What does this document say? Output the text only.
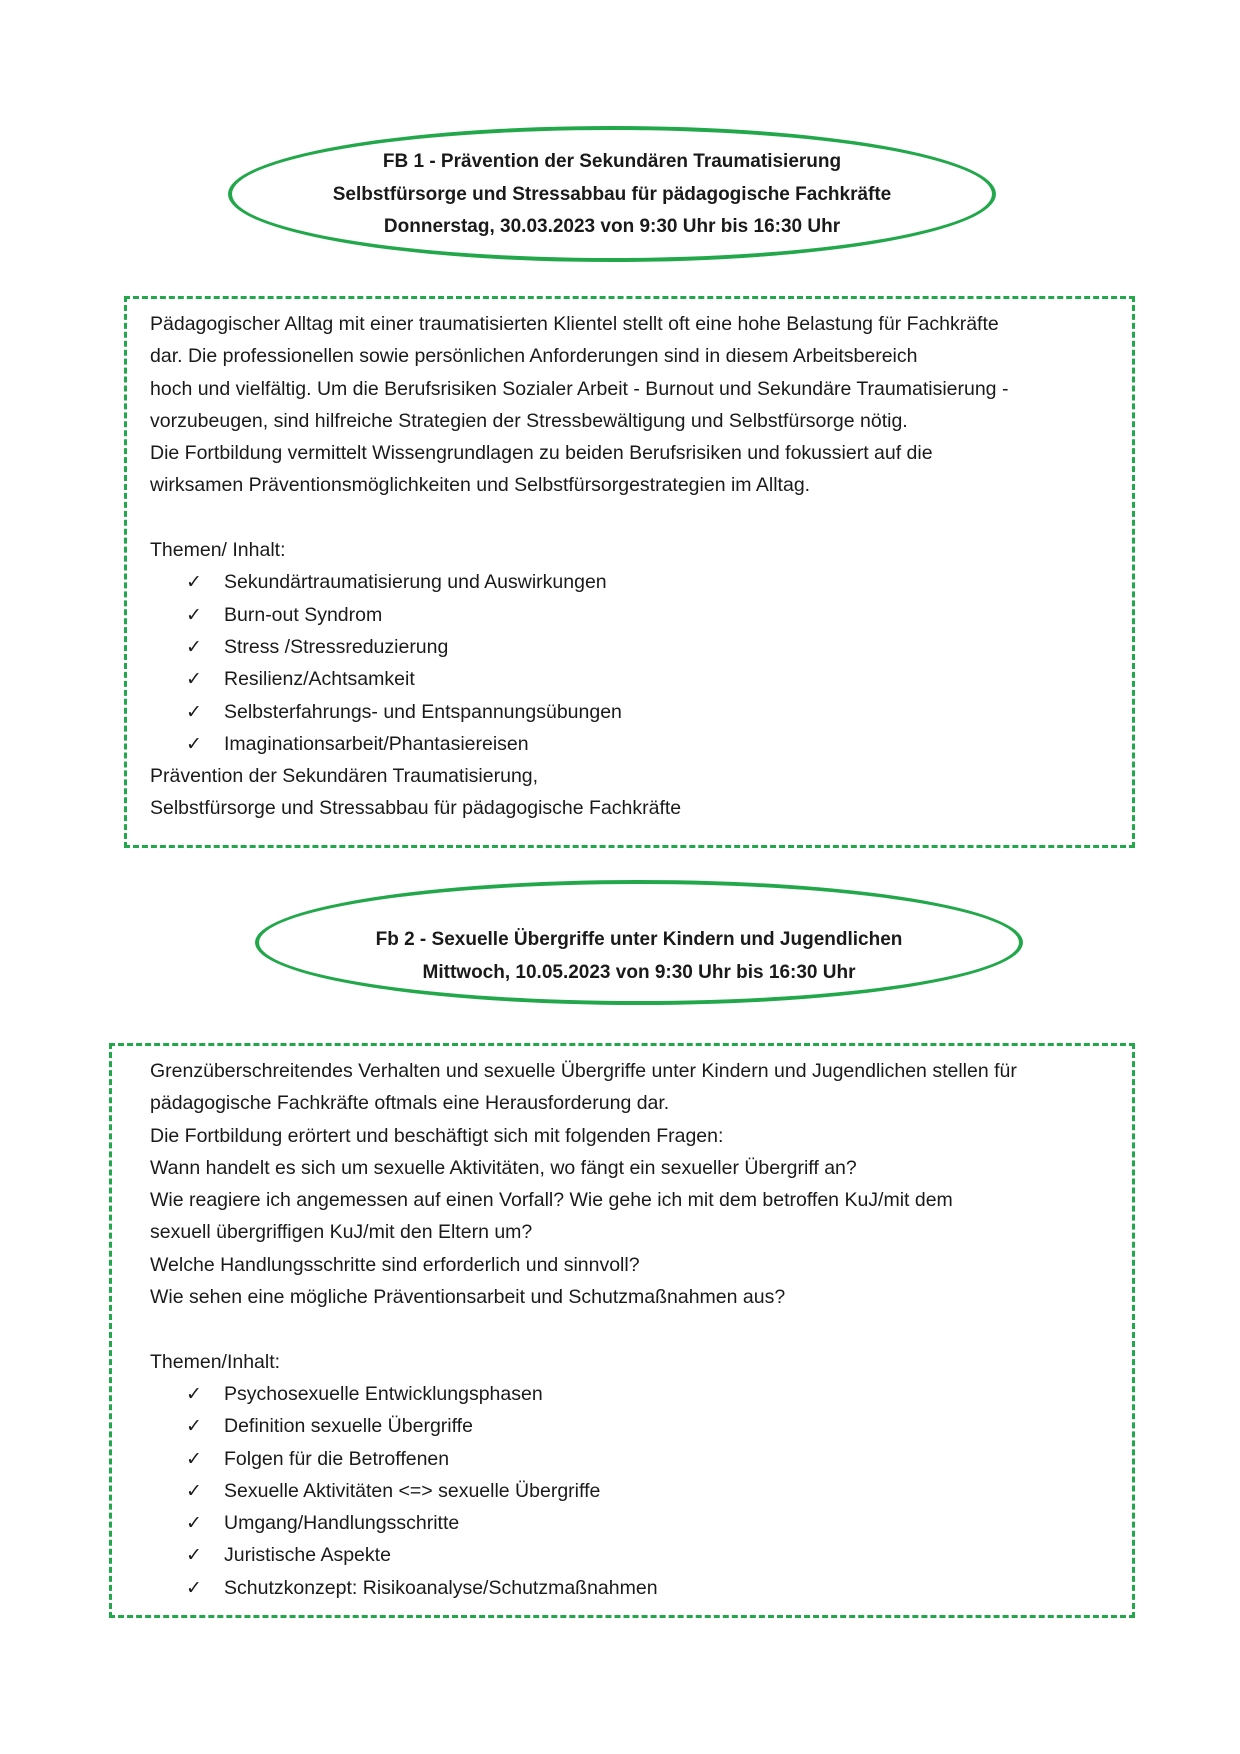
FB 1 - Prävention der Sekundären Traumatisierung
Selbstfürsorge und Stressabbau für pädagogische Fachkräfte
Donnerstag, 30.03.2023 von 9:30 Uhr bis 16:30 Uhr
Pädagogischer Alltag mit einer traumatisierten Klientel stellt oft eine hohe Belastung für Fachkräfte
dar. Die professionellen sowie persönlichen Anforderungen sind in diesem Arbeitsbereich
hoch und vielfältig. Um die Berufsrisiken Sozialer Arbeit - Burnout und Sekundäre Traumatisierung -
vorzubeugen, sind hilfreiche Strategien der Stressbewältigung und Selbstfürsorge nötig.
Die Fortbildung vermittelt Wissengrundlagen zu beiden Berufsrisiken und fokussiert auf die
wirksamen Präventionsmöglichkeiten und Selbstfürsorgestrategien im Alltag.
Themen/ Inhalt:
✓ Sekundärtraumatisierung und Auswirkungen
✓ Burn-out Syndrom
✓ Stress /Stressreduzierung
✓ Resilienz/Achtsamkeit
✓ Selbsterfahrungs- und Entspannungsübungen
✓ Imaginationsarbeit/Phantasiereisen
Prävention der Sekundären Traumatisierung,
Selbstfürsorge und Stressabbau für pädagogische Fachkräfte
Fb 2 - Sexuelle Übergriffe unter Kindern und Jugendlichen
Mittwoch, 10.05.2023 von 9:30 Uhr bis 16:30 Uhr
Grenzüberschreitendes Verhalten und sexuelle Übergriffe unter Kindern und Jugendlichen stellen für
pädagogische Fachkräfte oftmals eine Herausforderung dar.
Die Fortbildung erörtert und beschäftigt sich mit folgenden Fragen:
Wann handelt es sich um sexuelle Aktivitäten, wo fängt ein sexueller Übergriff an?
Wie reagiere ich angemessen auf einen Vorfall? Wie gehe ich mit dem betroffen KuJ/mit dem
sexuell übergriffigen KuJ/mit den Eltern um?
Welche Handlungsschritte sind erforderlich und sinnvoll?
Wie sehen eine mögliche Präventionsarbeit und Schutzmaßnahmen aus?
Themen/Inhalt:
✓ Psychosexuelle Entwicklungsphasen
✓ Definition sexuelle Übergriffe
✓ Folgen für die Betroffenen
✓ Sexuelle Aktivitäten <=> sexuelle Übergriffe
✓ Umgang/Handlungsschritte
✓ Juristische Aspekte
✓ Schutzkonzept: Risikoanalyse/Schutzmaßnahmen
